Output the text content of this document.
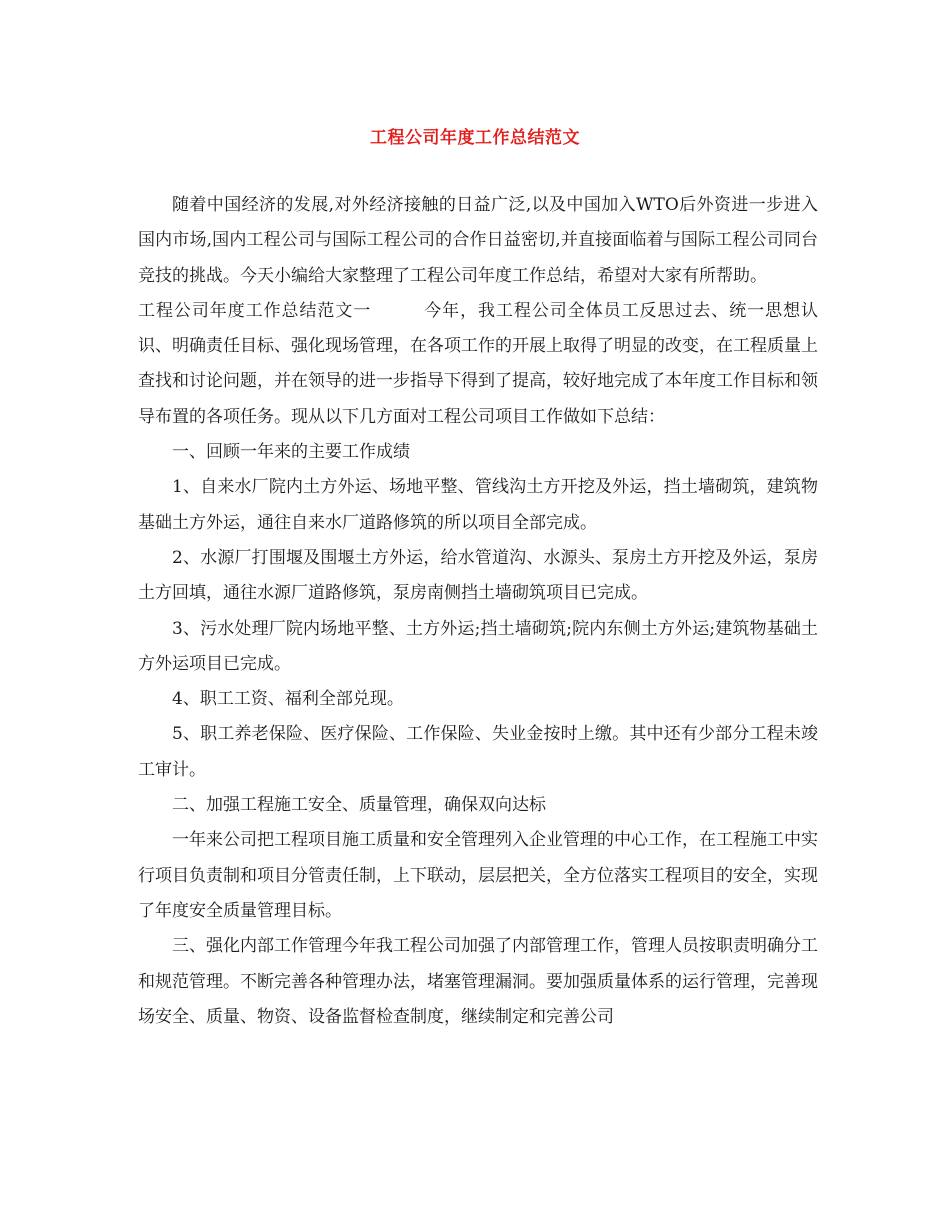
工程公司年度工作总结范文

随着中国经济的发展,对外经济接触的日益广泛,以及中国加入WTO后外资进一步进入国内市场,国内工程公司与国际工程公司的合作日益密切,并直接面临着与国际工程公司同台竞技的挑战。今天小编给大家整理了工程公司年度工作总结，希望对大家有所帮助。

工程公司年度工作总结范文一	今年，我工程公司全体员工反思过去、统一思想认识、明确责任目标、强化现场管理，在各项工作的开展上取得了明显的改变，在工程质量上查找和讨论问题，并在领导的进一步指导下得到了提高，较好地完成了本年度工作目标和领导布置的各项任务。现从以下几方面对工程公司项目工作做如下总结：

一、回顾一年来的主要工作成绩

1、自来水厂院内土方外运、场地平整、管线沟土方开挖及外运，挡土墙砌筑，建筑物基础土方外运，通往自来水厂道路修筑的所以项目全部完成。

2、水源厂打围堰及围堰土方外运，给水管道沟、水源头、泵房土方开挖及外运，泵房土方回填，通往水源厂道路修筑，泵房南侧挡土墙砌筑项目已完成。

3、污水处理厂院内场地平整、土方外运;挡土墙砌筑;院内东侧土方外运;建筑物基础土方外运项目已完成。

4、职工工资、福利全部兑现。

5、职工养老保险、医疗保险、工作保险、失业金按时上缴。其中还有少部分工程未竣工审计。

二、加强工程施工安全、质量管理，确保双向达标

一年来公司把工程项目施工质量和安全管理列入企业管理的中心工作，在工程施工中实行项目负责制和项目分管责任制，上下联动，层层把关，全方位落实工程项目的安全，实现了年度安全质量管理目标。

三、强化内部工作管理今年我工程公司加强了内部管理工作，管理人员按职责明确分工和规范管理。不断完善各种管理办法，堵塞管理漏洞。要加强质量体系的运行管理，完善现场安全、质量、物资、设备监督检查制度，继续制定和完善公司
